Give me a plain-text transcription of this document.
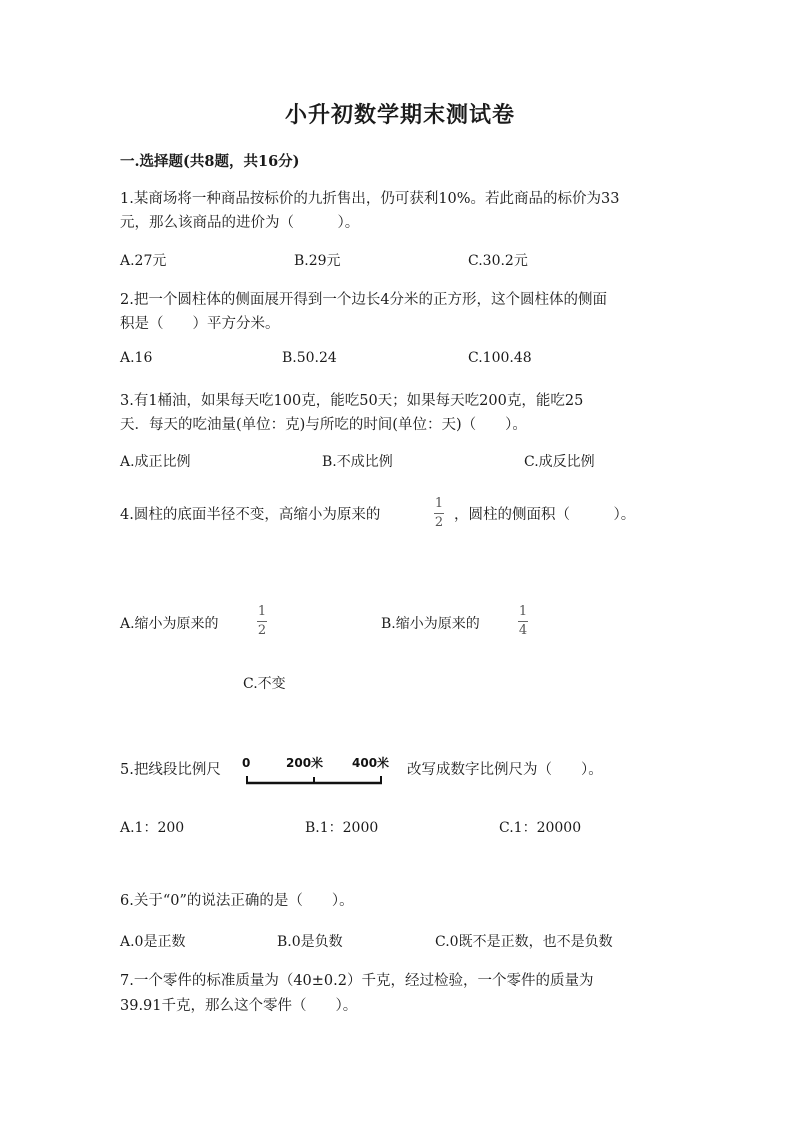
小升初数学期末测试卷
一.选择题(共8题，共16分)
1.某商场将一种商品按标价的九折售出，仍可获利10%。若此商品的标价为33
元，那么该商品的进价为（　　　）。
A.27元	B.29元	C.30.2元
2.把一个圆柱体的侧面展开得到一个边长4分米的正方形，这个圆柱体的侧面
积是（　　）平方分米。
A.16	B.50.24	C.100.48
3.有1桶油，如果每天吃100克，能吃50天；如果每天吃200克，能吃25
天．每天的吃油量(单位：克)与所吃的时间(单位：天)（　　）。
A.成正比例	B.不成比例	C.成反比例
4.圆柱的底面半径不变，高缩小为原来的
1
2 ，圆柱的侧面积（　　　）。
A.缩小为原来的
1
2	B.缩小为原来的
1
4
C.不变
5.把线段比例尺 0	200米 400米 改写成数字比例尺为（　　）。
A.1：200	B.1：2000	C.1：20000
6.关于“0”的说法正确的是（　　）。
A.0是正数	B.0是负数	C.0既不是正数，也不是负数
7.一个零件的标准质量为（40±0.2）千克，经过检验，一个零件的质量为
39.91千克，那么这个零件（　　）。
